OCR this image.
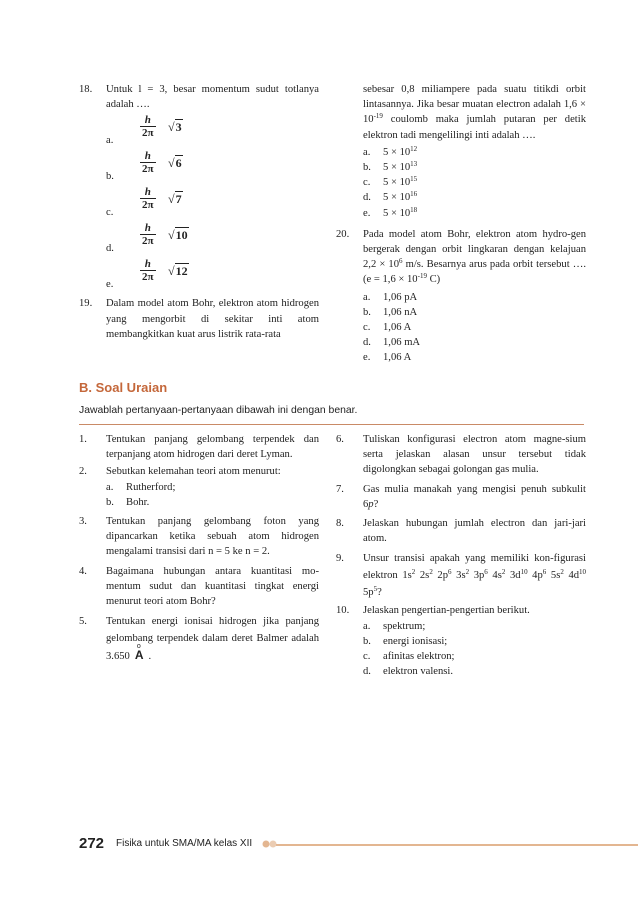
18. Untuk l = 3, besar momentum sudut totlanya adalah ….
a.
$\frac{h}{2\pi} √3$
b.
$\frac{h}{2\pi} √6$
c.
$\frac{h}{2\pi} √7$
d.
$\frac{h}{2\pi} √10$
e.
$\frac{h}{2\pi} √12$
19. Dalam model atom Bohr, elektron atom hidrogen yang mengorbit di sekitar inti atom membangkitkan kuat arus listrik rata-rata
sebesar 0,8 miliampere pada suatu titikdi orbit lintasannya. Jika besar muatan electron adalah $1,6 \times 10^{-19}$ coulomb maka jumlah putaran per detik elektron tadi mengelilingi inti adalah ….
a. $5 \times 10^{12}$
b. $5 \times 10^{13}$
c. $5 \times 10^{15}$
d. $5 \times 10^{16}$
e. $5 \times 10^{18}$
20. Pada model atom Bohr, elektron atom hydro-gen bergerak dengan orbit lingkaran dengan kelajuan $2,2 \times 10^6$ m/s. Besarnya arus pada orbit tersebut …. ($e = 1,6 \times 10^{-19}$ C)
a. 1,06 pA
b. 1,06 nA
c. 1,06 A
d. 1,06 mA
e. 1,06 A
B. Soal Uraian
Jawablah pertanyaan-pertanyaan dibawah ini dengan benar.
1. Tentukan panjang gelombang terpendek dan terpanjang atom hidrogen dari deret Lyman.
2. Sebutkan kelemahan teori atom menurut:
a. Rutherford;
b. Bohr.
3. Tentukan panjang gelombang foton yang dipancarkan ketika sebuah atom hidrogen mengalami transisi dari n = 5 ke n = 2.
4. Bagaimana hubungan antara kuantitasi mo-mentum sudut dan kuantitasi tingkat energi menurut teori atom Bohr?
5. Tentukan energi ionisai hidrogen jika panjang gelombang terpendek dalam deret Balmer adalah 3.650
o
A .
6. Tuliskan konfigurasi electron atom magne-sium serta jelaskan alasan unsur tersebut tidak digolongkan sebagai golongan gas mulia.
7. Gas mulia manakah yang mengisi penuh subkulit 6p?
8. Jelaskan hubungan jumlah electron dan jari-jari atom.
9. Unsur transisi apakah yang memiliki kon-figurasi elektron $1s^2$ $2s^2$ $2p^6$ $3s^2$ $3p^6$ $4s^2$ $3d^{10}$ $4p^6$ $5s^2$ $4d^{10}$ $5p^5$?
10. Jelaskan pengertian-pengertian berikut.
a. spektrum;
b. energi ionisasi;
c. afinitas elektron;
d. elektron valensi.
272 Fisika untuk SMA/MA kelas XII
